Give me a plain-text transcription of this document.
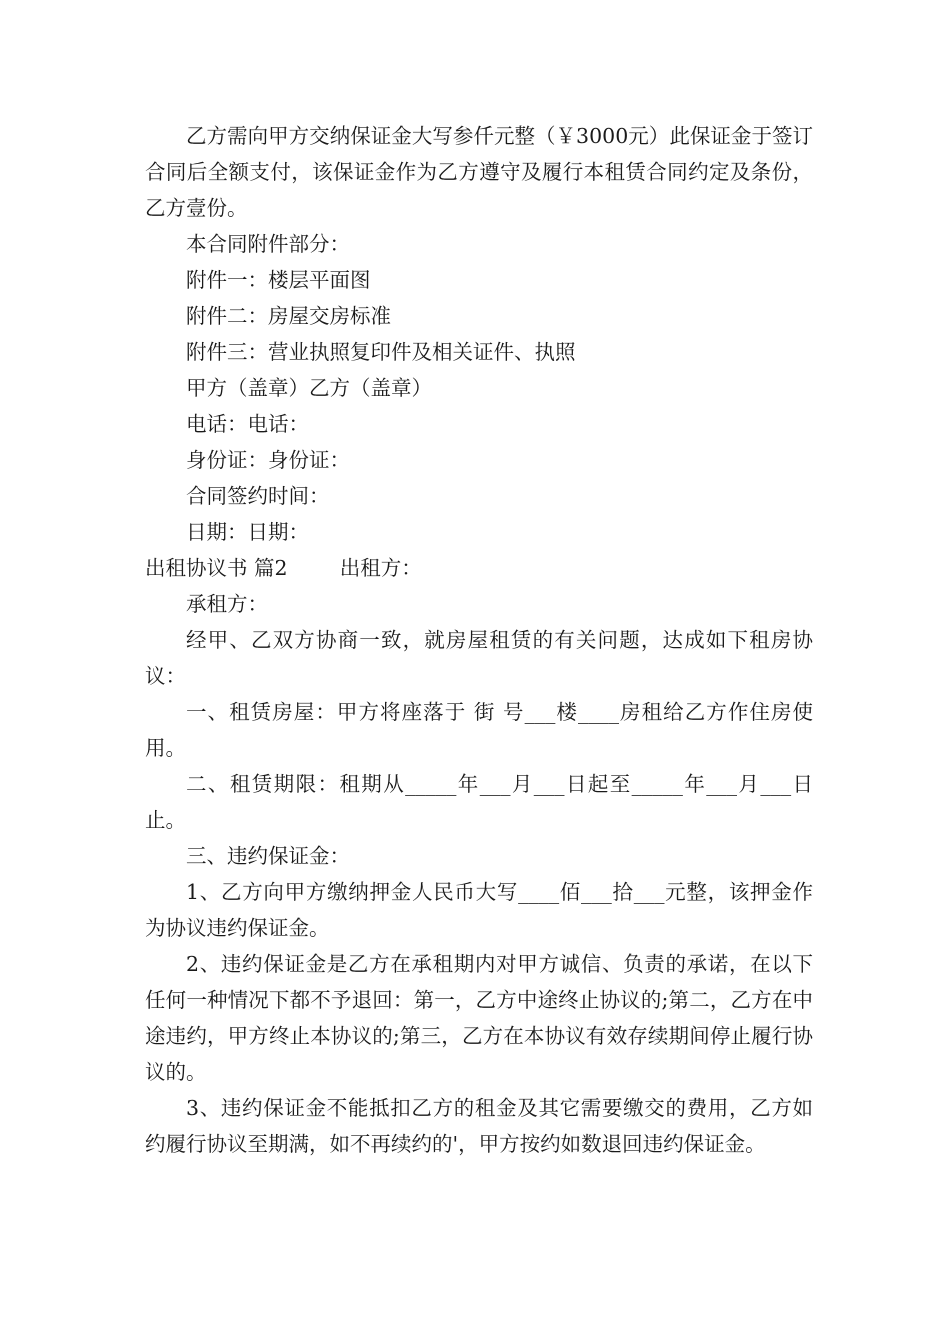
乙方需向甲方交纳保证金大写参仟元整（￥3000元）此保证金于签订合同后全额支付，该保证金作为乙方遵守及履行本租赁合同约定及条份，乙方壹份。

本合同附件部分：

附件一：楼层平面图

附件二：房屋交房标准

附件三：营业执照复印件及相关证件、执照

甲方（盖章）乙方（盖章）

电话：电话：

身份证：身份证：

合同签约时间：

日期：日期：

出租协议书 篇2        出租方：

承租方：

经甲、乙双方协商一致，就房屋租赁的有关问题，达成如下租房协议：

一、租赁房屋：甲方将座落于 街 号___楼____房租给乙方作住房使用。

二、租赁期限：租期从_____年___月___日起至_____年___月___日止。

三、违约保证金：

1、乙方向甲方缴纳押金人民币大写____佰___拾___元整，该押金作为协议违约保证金。

2、违约保证金是乙方在承租期内对甲方诚信、负责的承诺，在以下任何一种情况下都不予退回：第一，乙方中途终止协议的;第二，乙方在中途违约，甲方终止本协议的;第三，乙方在本协议有效存续期间停止履行协议的。

3、违约保证金不能抵扣乙方的租金及其它需要缴交的费用，乙方如约履行协议至期满，如不再续约的'，甲方按约如数退回违约保证金。
